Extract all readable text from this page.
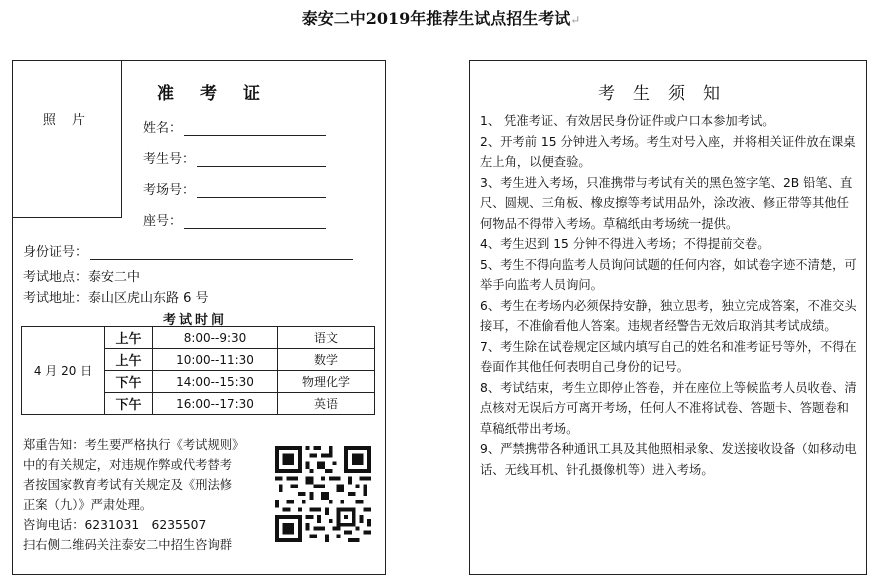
泰安二中2019年推荐生试点招生考试↵
照 片
准考证
姓名：
考生号：
考场号：
座号：
身份证号：
考试地点：泰安二中
考试地址：泰山区虎山东路 6 号
考试时间
4 月 20 日	上午	8:00--9:30	语文
	上午	10:00--11:30	数学
	下午	14:00--15:30	物理化学
	下午	16:00--17:30	英语
郑重告知：考生要严格执行《考试规则》
中的有关规定，对违规作弊或代考替考
者按国家教育考试有关规定及《刑法修
正案（九）》严肃处理。
咨询电话：6231031　6235507
扫右侧二维码关注泰安二中招生咨询群
考生须知
1、 凭准考证、有效居民身份证件或户口本参加考试。
2、开考前 15 分钟进入考场。考生对号入座，并将相关证件放在课桌左上角，以便查验。
3、考生进入考场，只准携带与考试有关的黑色签字笔、2B 铅笔、直尺、圆规、三角板、橡皮擦等考试用品外，涂改液、修正带等其他任何物品不得带入考场。草稿纸由考场统一提供。
4、考生迟到 15 分钟不得进入考场；不得提前交卷。
5、考生不得向监考人员询问试题的任何内容，如试卷字迹不清楚，可举手向监考人员询问。
6、考生在考场内必须保持安静，独立思考，独立完成答案，不准交头接耳，不准偷看他人答案。违规者经警告无效后取消其考试成绩。
7、考生除在试卷规定区域内填写自己的姓名和准考证号等外，不得在卷面作其他任何表明自己身份的记号。
8、考试结束，考生立即停止答卷，并在座位上等候监考人员收卷、清点核对无误后方可离开考场，任何人不准将试卷、答题卡、答题卷和草稿纸带出考场。
9、严禁携带各种通讯工具及其他照相录象、发送接收设备（如移动电话、无线耳机、针孔摄像机等）进入考场。
